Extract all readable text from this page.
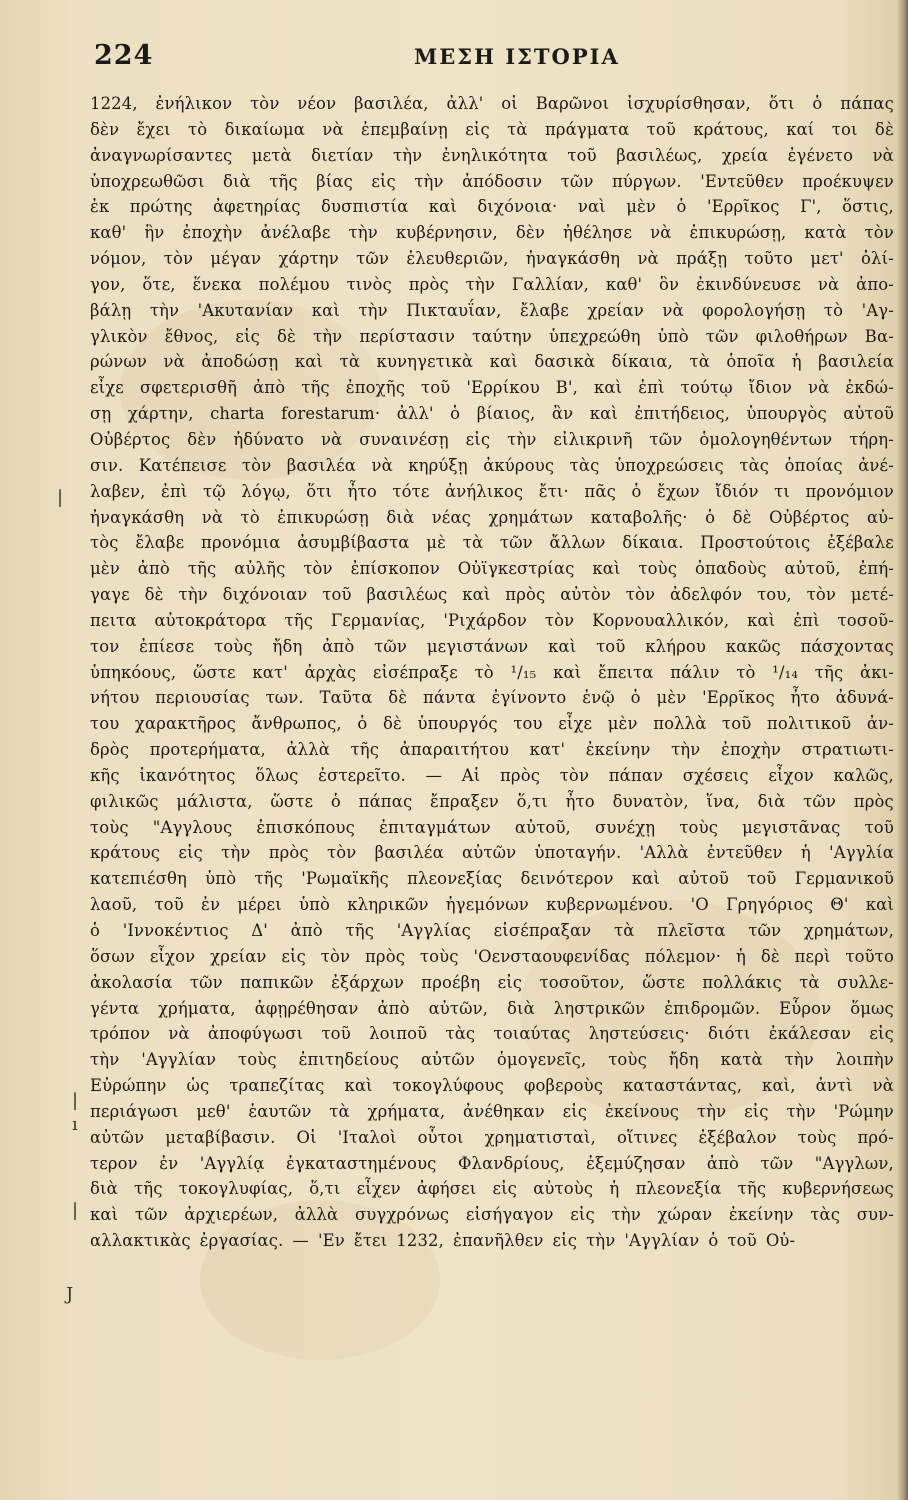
224	ΜΕΣΗ ΙΣΤΟΡΙΑ
1224, ἐνήλικον τὸν νέον βασιλέα, ἀλλ' οἱ Βαρῶνοι ἰσχυρίσθησαν, ὅτι ὁ πάπας
δὲν ἔχει τὸ δικαίωμα νὰ ἐπεμβαίνῃ εἰς τὰ πράγματα τοῦ κράτους, καί τοι δὲ
ἀναγνωρίσαντες μετὰ διετίαν τὴν ἐνηλικότητα τοῦ βασιλέως, χρεία ἐγένετο νὰ
ὑποχρεωθῶσι διὰ τῆς βίας εἰς τὴν ἀπόδοσιν τῶν πύργων. 'Εντεῦθεν προέκυψεν
ἐκ πρώτης ἀφετηρίας δυσπιστία καὶ διχόνοια· ναὶ μὲν ὁ 'Ερρῖκος Γ', ὅστις,
καθ' ἣν ἐποχὴν ἀνέλαβε τὴν κυβέρνησιν, δὲν ἠθέλησε νὰ ἐπικυρώσῃ, κατὰ τὸν
νόμον, τὸν μέγαν χάρτην τῶν ἐλευθεριῶν, ἠναγκάσθη νὰ πράξῃ τοῦτο μετ' ὀλί-
γον, ὅτε, ἕνεκα πολέμου τινὸς πρὸς τὴν Γαλλίαν, καθ' ὃν ἐκινδύνευσε νὰ ἀπο-
βάλῃ τὴν 'Ακυτανίαν καὶ τὴν Πικταυΐαν, ἔλαβε χρείαν νὰ φορολογήσῃ τὸ 'Αγ-
γλικὸν ἔθνος, εἰς δὲ τὴν περίστασιν ταύτην ὑπεχρεώθη ὑπὸ τῶν φιλοθήρων Βα-
ρώνων νὰ ἀποδώσῃ καὶ τὰ κυνηγετικὰ καὶ δασικὰ δίκαια, τὰ ὁποῖα ἡ βασιλεία
εἶχε σφετερισθῆ ἀπὸ τῆς ἐποχῆς τοῦ 'Ερρίκου Β', καὶ ἐπὶ τούτῳ ἴδιον νὰ ἐκδώ-
σῃ χάρτην, charta forestarum· ἀλλ' ὁ βίαιος, ἂν καὶ ἐπιτήδειος, ὑπουργὸς αὐτοῦ
Οὐβέρτος δὲν ἠδύνατο νὰ συναινέσῃ εἰς τὴν εἰλικρινῆ τῶν ὁμολογηθέντων τήρη-
σιν. Κατέπεισε τὸν βασιλέα νὰ κηρύξῃ ἀκύρους τὰς ὑποχρεώσεις τὰς ὁποίας ἀνέ-
λαβεν, ἐπὶ τῷ λόγῳ, ὅτι ἦτο τότε ἀνήλικος ἔτι· πᾶς ὁ ἔχων ἴδιόν τι προνόμιον
ἠναγκάσθη νὰ τὸ ἐπικυρώσῃ διὰ νέας χρημάτων καταβολῆς· ὁ δὲ Οὐβέρτος αὐ-
τὸς ἔλαβε προνόμια ἀσυμβίβαστα μὲ τὰ τῶν ἄλλων δίκαια. Προστούτοις ἐξέβαλε
μὲν ἀπὸ τῆς αὐλῆς τὸν ἐπίσκοπον Οὐϊγκεστρίας καὶ τοὺς ὀπαδοὺς αὐτοῦ, ἐπή-
γαγε δὲ τὴν διχόνοιαν τοῦ βασιλέως καὶ πρὸς αὐτὸν τὸν ἀδελφόν του, τὸν μετέ-
πειτα αὐτοκράτορα τῆς Γερμανίας, 'Ριχάρδον τὸν Κορνουαλλικόν, καὶ ἐπὶ τοσοῦ-
τον ἐπίεσε τοὺς ἤδη ἀπὸ τῶν μεγιστάνων καὶ τοῦ κλήρου κακῶς πάσχοντας
ὑπηκόους, ὥστε κατ' ἀρχὰς εἰσέπραξε τὸ ¹/₁₅ καὶ ἔπειτα πάλιν τὸ ¹/₁₄ τῆς ἀκι-
νήτου περιουσίας των. Ταῦτα δὲ πάντα ἐγίνοντο ἐνῷ ὁ μὲν 'Ερρῖκος ἦτο ἀδυνά-
του χαρακτῆρος ἄνθρωπος, ὁ δὲ ὑπουργός του εἶχε μὲν πολλὰ τοῦ πολιτικοῦ ἀν-
δρὸς προτερήματα, ἀλλὰ τῆς ἀπαραιτήτου κατ' ἐκείνην τὴν ἐποχὴν στρατιωτι-
κῆς ἱκανότητος ὅλως ἐστερεῖτο. — Αἱ πρὸς τὸν πάπαν σχέσεις εἶχον καλῶς,
φιλικῶς μάλιστα, ὥστε ὁ πάπας ἔπραξεν ὅ,τι ἦτο δυνατὸν, ἵνα, διὰ τῶν πρὸς
τοὺς "Αγγλους ἐπισκόπους ἐπιταγμάτων αὐτοῦ, συνέχῃ τοὺς μεγιστᾶνας τοῦ
κράτους εἰς τὴν πρὸς τὸν βασιλέα αὐτῶν ὑποταγήν. 'Αλλὰ ἐντεῦθεν ἡ 'Αγγλία
κατεπιέσθη ὑπὸ τῆς 'Ρωμαϊκῆς πλεονεξίας δεινότερον καὶ αὐτοῦ τοῦ Γερμανικοῦ
λαοῦ, τοῦ ἐν μέρει ὑπὸ κληρικῶν ἡγεμόνων κυβερνωμένου. 'Ο Γρηγόριος Θ' καὶ
ὁ 'Ιννοκέντιος Δ' ἀπὸ τῆς 'Αγγλίας εἰσέπραξαν τὰ πλεῖστα τῶν χρημάτων,
ὅσων εἶχον χρείαν εἰς τὸν πρὸς τοὺς 'Οενσταουφενίδας πόλεμον· ἡ δὲ περὶ τοῦτο
ἀκολασία τῶν παπικῶν ἐξάρχων προέβη εἰς τοσοῦτον, ὥστε πολλάκις τὰ συλλε-
γέντα χρήματα, ἀφῃρέθησαν ἀπὸ αὐτῶν, διὰ ληστρικῶν ἐπιδρομῶν. Εὗρον ὅμως
τρόπον νὰ ἀποφύγωσι τοῦ λοιποῦ τὰς τοιαύτας ληστεύσεις· διότι ἐκάλεσαν εἰς
τὴν 'Αγγλίαν τοὺς ἐπιτηδείους αὐτῶν ὁμογενεῖς, τοὺς ἤδη κατὰ τὴν λοιπὴν
Εὐρώπην ὡς τραπεζίτας καὶ τοκογλύφους φοβεροὺς καταστάντας, καὶ, ἀντὶ νὰ
περιάγωσι μεθ' ἑαυτῶν τὰ χρήματα, ἀνέθηκαν εἰς ἐκείνους τὴν εἰς τὴν 'Ρώμην
αὐτῶν μεταβίβασιν. Οἱ 'Ιταλοὶ οὗτοι χρηματισταὶ, οἵτινες ἐξέβαλον τοὺς πρό-
τερον ἐν 'Αγγλίᾳ ἐγκαταστημένους Φλανδρίους, ἐξεμύζησαν ἀπὸ τῶν "Αγγλων,
διὰ τῆς τοκογλυφίας, ὅ,τι εἶχεν ἀφήσει εἰς αὐτοὺς ἡ πλεονεξία τῆς κυβερνήσεως
καὶ τῶν ἀρχιερέων, ἀλλὰ συγχρόνως εἰσήγαγον εἰς τὴν χώραν ἐκείνην τὰς συν-
αλλακτικὰς ἐργασίας. — 'Εν ἔτει 1232, ἐπανῆλθεν εἰς τὴν 'Αγγλίαν ὁ τοῦ Οὐ-
|
|
ı
|
J
